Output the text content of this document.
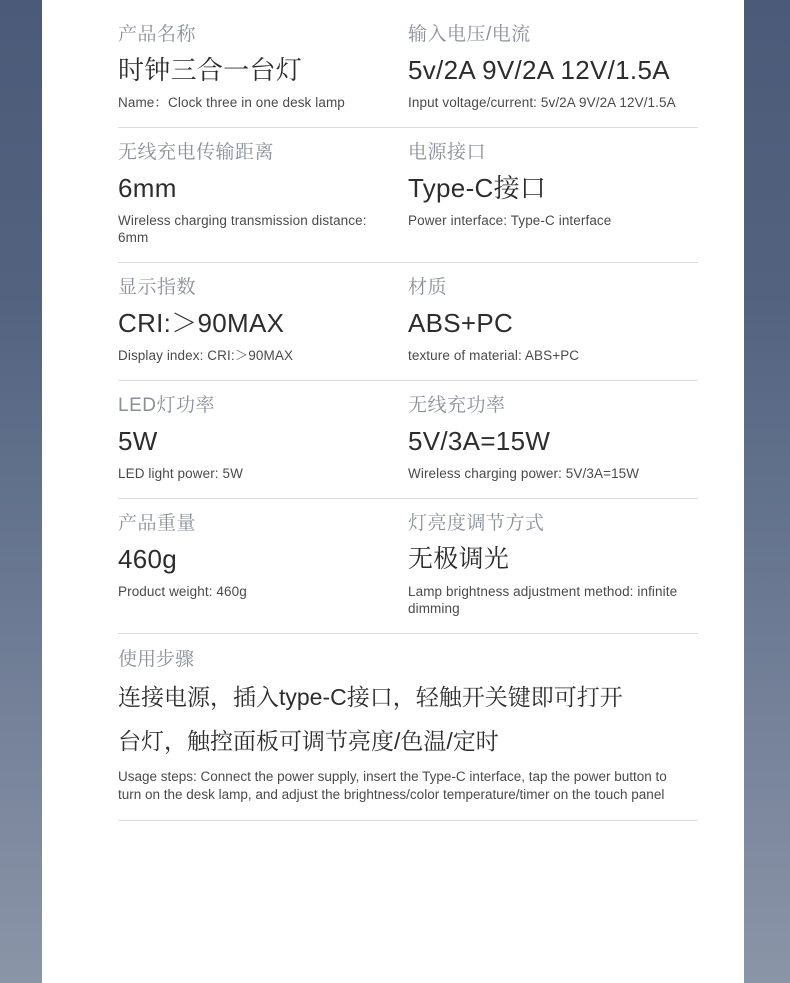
产品名称
时钟三合一台灯
Name：Clock three in one desk lamp
输入电压/电流
5v/2A 9V/2A 12V/1.5A
Input voltage/current: 5v/2A 9V/2A 12V/1.5A
无线充电传输距离
6mm
Wireless charging transmission distance: 6mm
电源接口
Type-C接口
Power interface: Type-C interface
显示指数
CRI:＞90MAX
Display index: CRI:＞90MAX
材质
ABS+PC
texture of material: ABS+PC
LED灯功率
5W
LED light power: 5W
无线充功率
5V/3A=15W
Wireless charging power: 5V/3A=15W
产品重量
460g
Product weight: 460g
灯亮度调节方式
无极调光
Lamp brightness adjustment method: infinite dimming
使用步骤
连接电源，插入type-C接口，轻触开关键即可打开
台灯，触控面板可调节亮度/色温/定时
Usage steps: Connect the power supply, insert the Type-C interface, tap the power button to turn on the desk lamp, and adjust the brightness/color temperature/timer on the touch panel
